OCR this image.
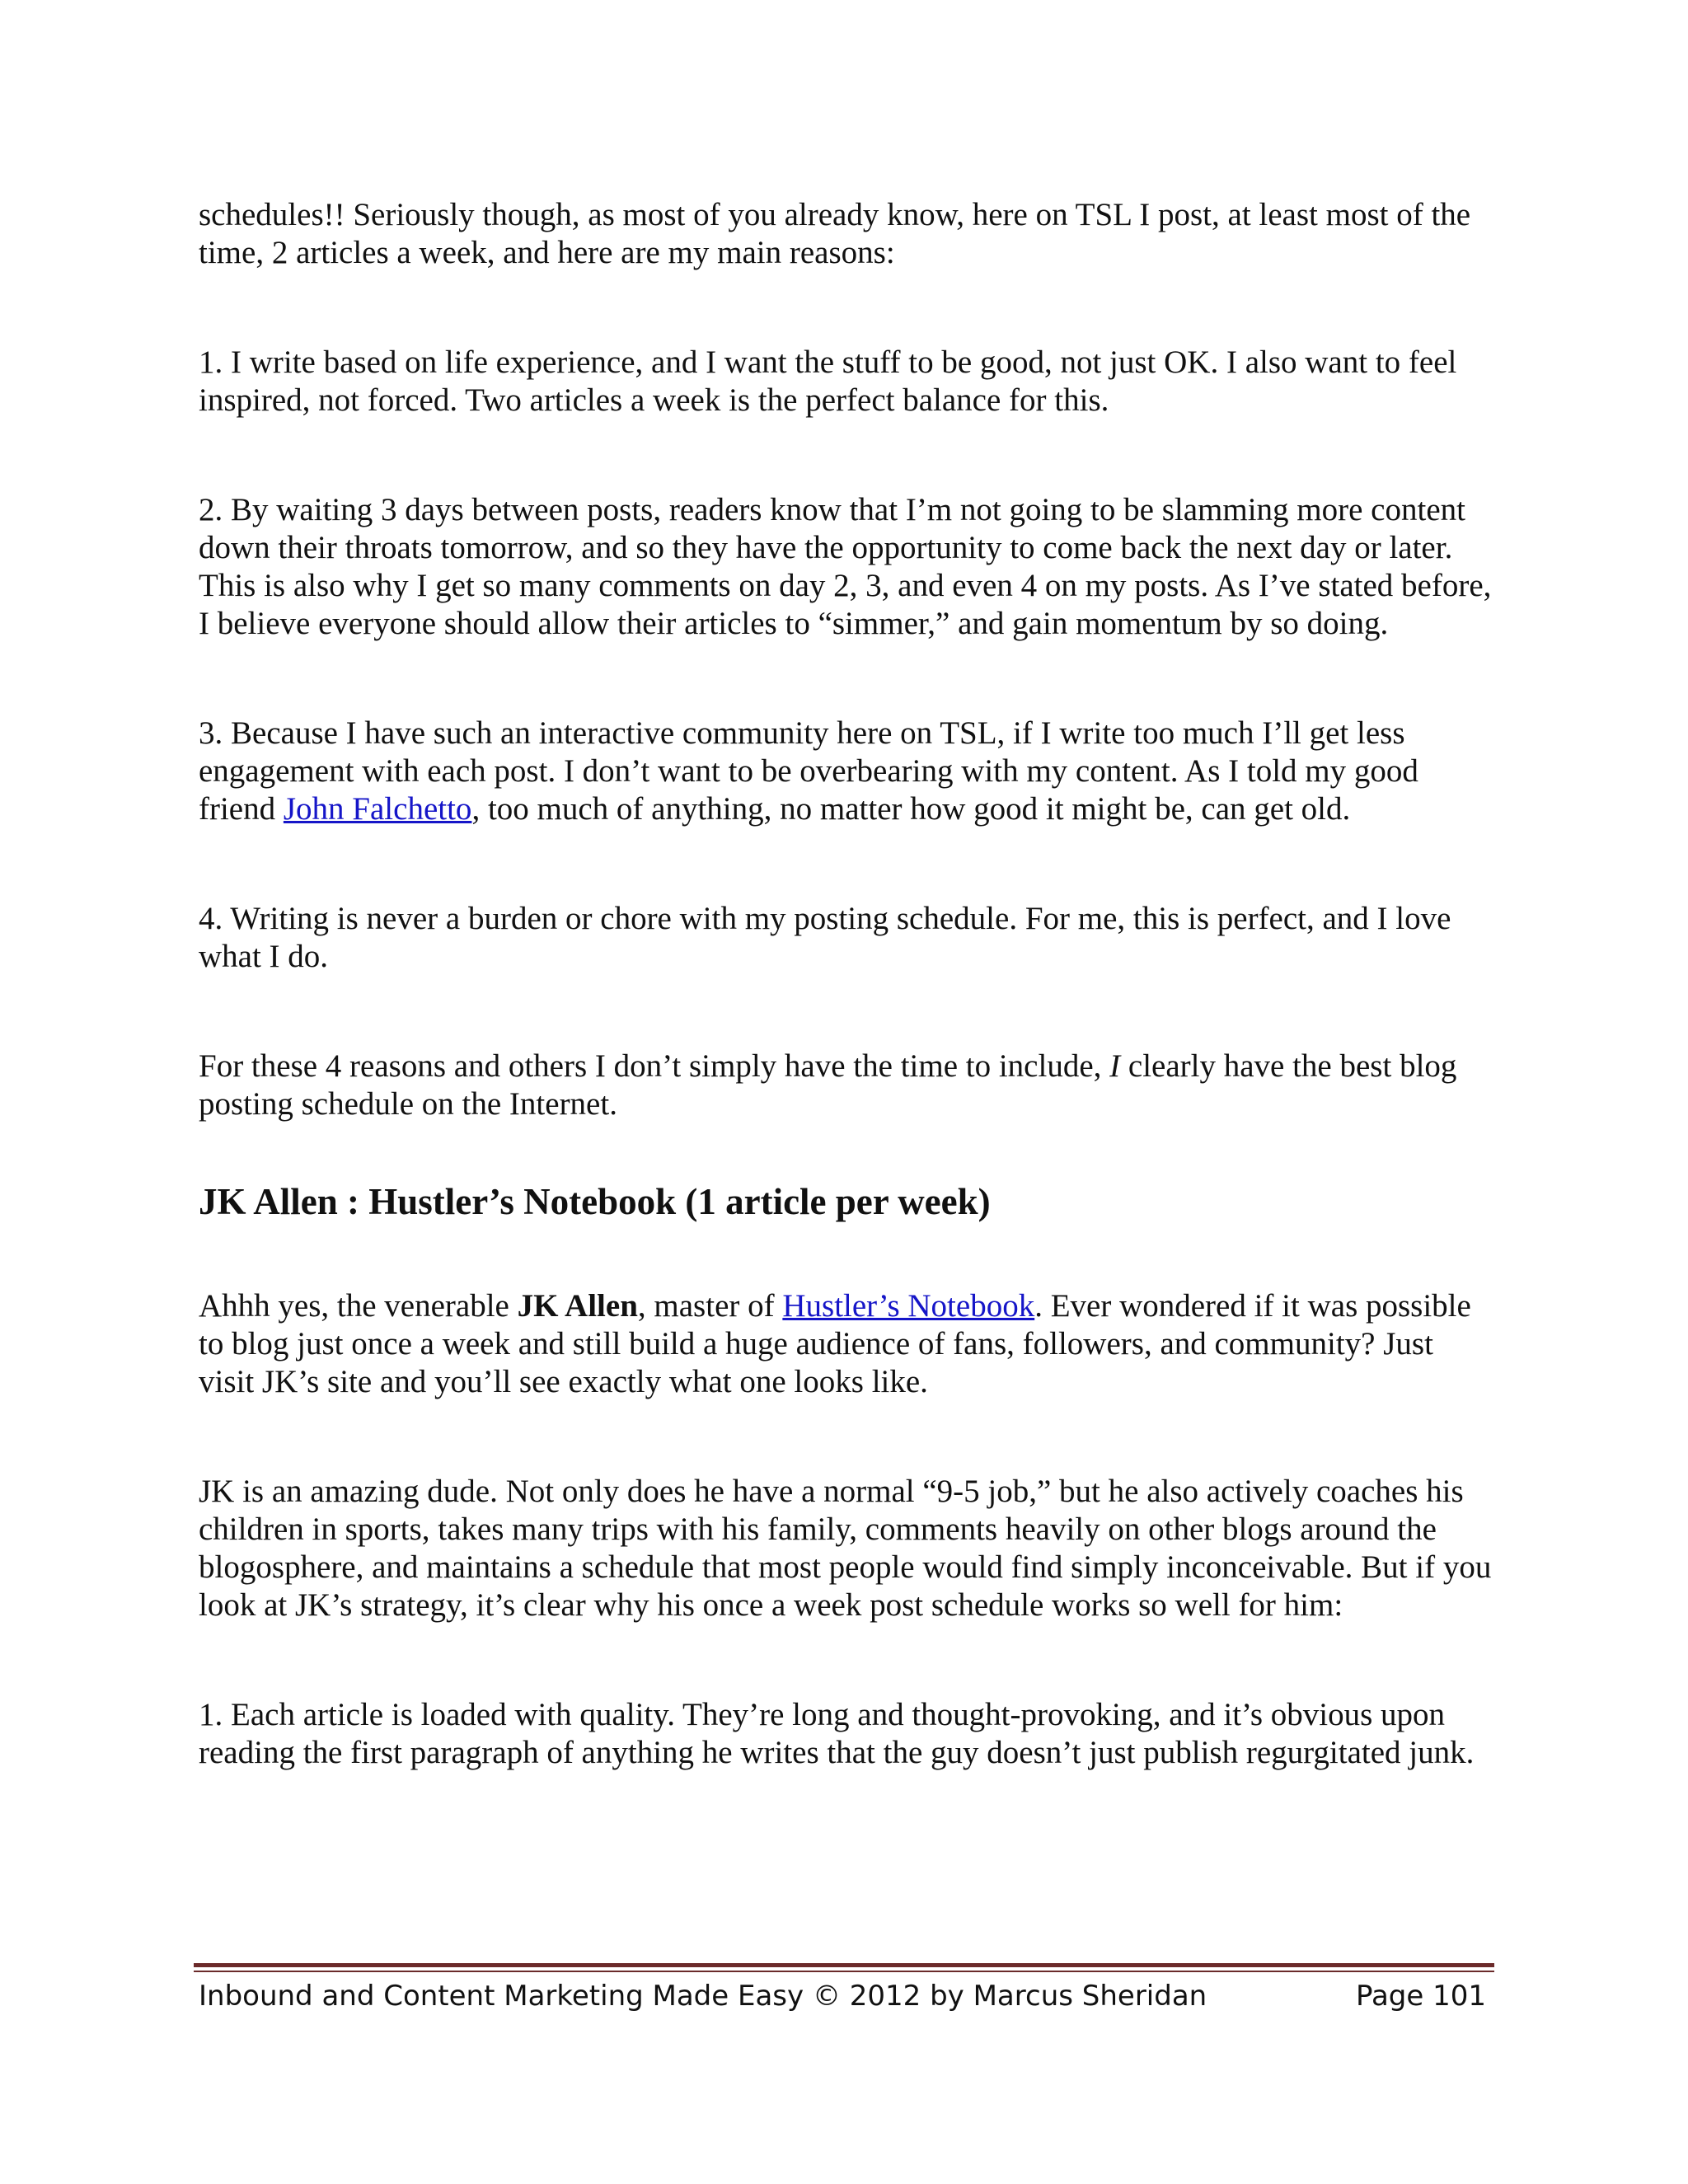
schedules!! Seriously though, as most of you already know, here on TSL I post, at least most of the time, 2 articles a week, and here are my main reasons:

1. I write based on life experience, and I want the stuff to be good, not just OK. I also want to feel inspired, not forced. Two articles a week is the perfect balance for this.

2. By waiting 3 days between posts, readers know that I’m not going to be slamming more content down their throats tomorrow, and so they have the opportunity to come back the next day or later. This is also why I get so many comments on day 2, 3, and even 4 on my posts. As I’ve stated before, I believe everyone should allow their articles to “simmer,” and gain momentum by so doing.

3. Because I have such an interactive community here on TSL, if I write too much I’ll get less engagement with each post. I don’t want to be overbearing with my content. As I told my good friend John Falchetto, too much of anything, no matter how good it might be, can get old.

4. Writing is never a burden or chore with my posting schedule. For me, this is perfect, and I love what I do.

For these 4 reasons and others I don’t simply have the time to include, I clearly have the best blog posting schedule on the Internet.

JK Allen : Hustler’s Notebook (1 article per week)

Ahhh yes, the venerable JK Allen, master of Hustler’s Notebook. Ever wondered if it was possible to blog just once a week and still build a huge audience of fans, followers, and community? Just visit JK’s site and you’ll see exactly what one looks like.

JK is an amazing dude. Not only does he have a normal “9-5 job,” but he also actively coaches his children in sports, takes many trips with his family, comments heavily on other blogs around the blogosphere, and maintains a schedule that most people would find simply inconceivable. But if you look at JK’s strategy, it’s clear why his once a week post schedule works so well for him:

1. Each article is loaded with quality. They’re long and thought-provoking, and it’s obvious upon reading the first paragraph of anything he writes that the guy doesn’t just publish regurgitated junk.

Inbound and Content Marketing Made Easy © 2012 by Marcus Sheridan	Page 101
